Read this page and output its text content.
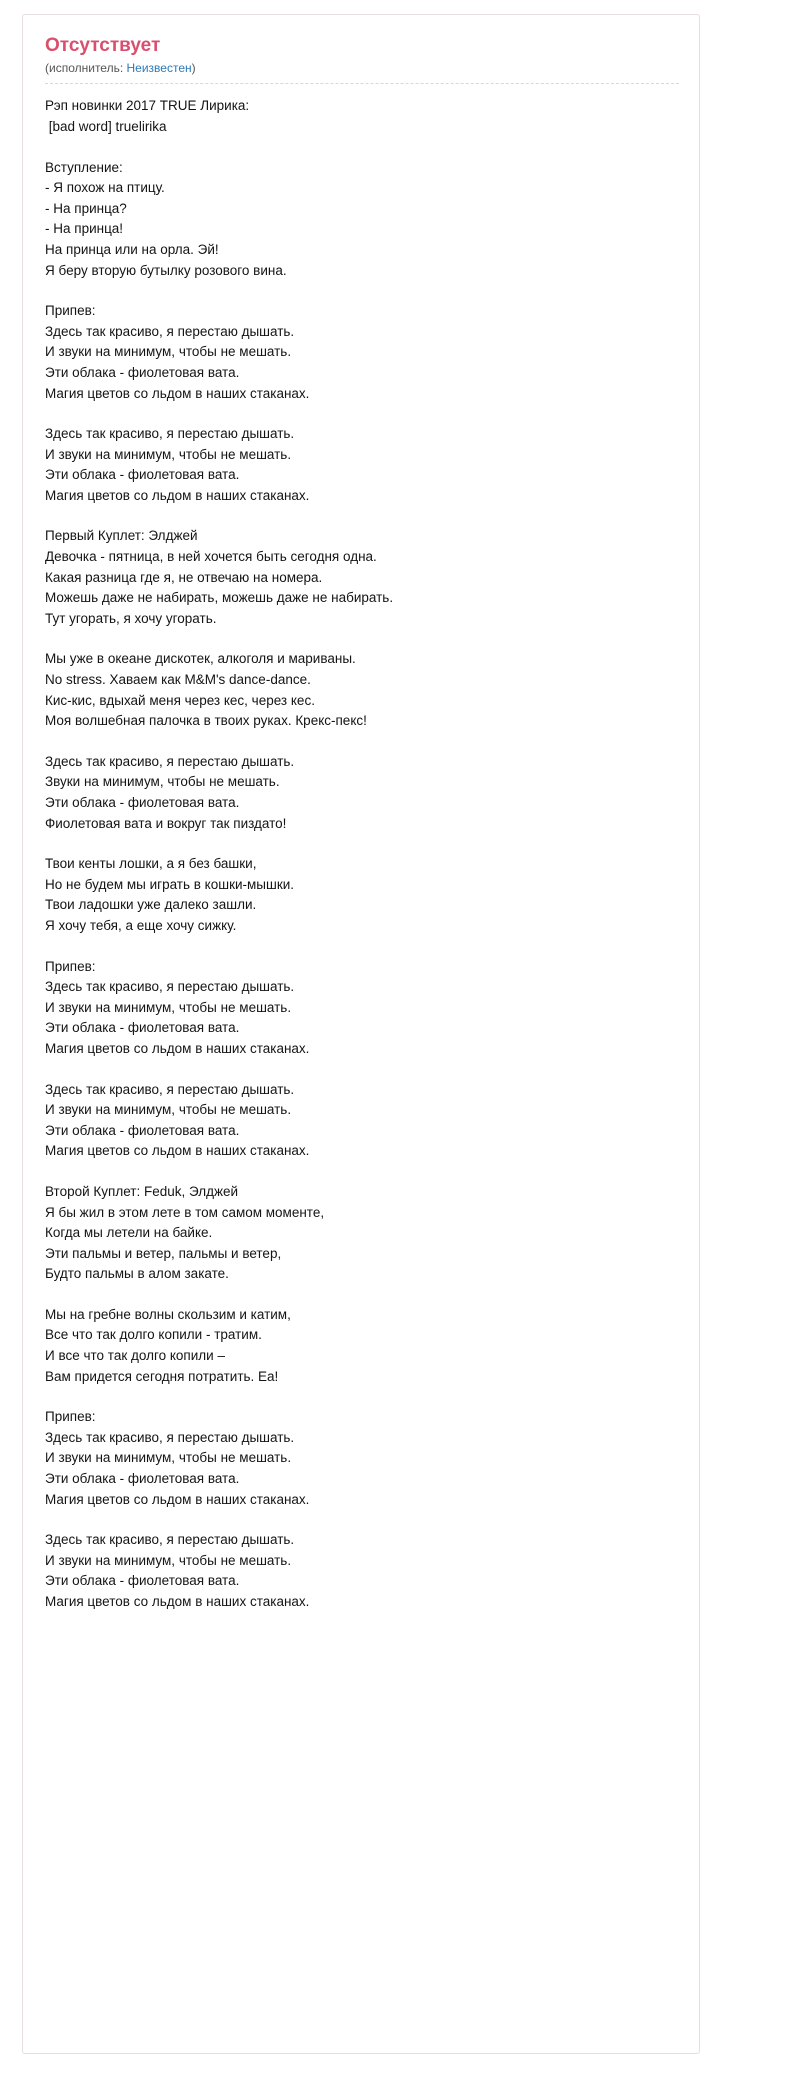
Отсутствует
(исполнитель: Неизвестен)
Рэп новинки 2017 TRUE Лирика:
[bad word] truelirika
Вступление:
- Я похож на птицу.
- На принца?
- На принца!
На принца или на орла. Эй!
Я беру вторую бутылку розового вина.
Припев:
Здесь так красиво, я перестаю дышать.
И звуки на минимум, чтобы не мешать.
Эти облака - фиолетовая вата.
Магия цветов со льдом в наших стаканах.
Здесь так красиво, я перестаю дышать.
И звуки на минимум, чтобы не мешать.
Эти облака - фиолетовая вата.
Магия цветов со льдом в наших стаканах.
Первый Куплет: Элджей
Девочка - пятница, в ней хочется быть сегодня одна.
Какая разница где я, не отвечаю на номера.
Можешь даже не набирать, можешь даже не набирать.
Тут угорать, я хочу угорать.
Мы уже в океане дискотек, алкоголя и мариваны.
No stress. Хаваем как M&M's dance-dance.
Кис-кис, вдыхай меня через кес, через кес.
Моя волшебная палочка в твоих руках. Крекс-пекс!
Здесь так красиво, я перестаю дышать.
Звуки на минимум, чтобы не мешать.
Эти облака - фиолетовая вата.
Фиолетовая вата и вокруг так пиздато!
Твои кенты лошки, а я без башки,
Но не будем мы играть в кошки-мышки.
Твои ладошки уже далеко зашли.
Я хочу тебя, а еще хочу сижку.
Припев:
Здесь так красиво, я перестаю дышать.
И звуки на минимум, чтобы не мешать.
Эти облака - фиолетовая вата.
Магия цветов со льдом в наших стаканах.
Здесь так красиво, я перестаю дышать.
И звуки на минимум, чтобы не мешать.
Эти облака - фиолетовая вата.
Магия цветов со льдом в наших стаканах.
Второй Куплет: Feduk, Элджей
Я бы жил в этом лете в том самом моменте,
Когда мы летели на байке.
Эти пальмы и ветер, пальмы и ветер,
Будто пальмы в алом закате.
Мы на гребне волны скользим и катим,
Все что так долго копили - тратим.
И все что так долго копили –
Вам придется сегодня потратить. Еа!
Припев:
Здесь так красиво, я перестаю дышать.
И звуки на минимум, чтобы не мешать.
Эти облака - фиолетовая вата.
Магия цветов со льдом в наших стаканах.
Здесь так красиво, я перестаю дышать.
И звуки на минимум, чтобы не мешать.
Эти облака - фиолетовая вата.
Магия цветов со льдом в наших стаканах.
